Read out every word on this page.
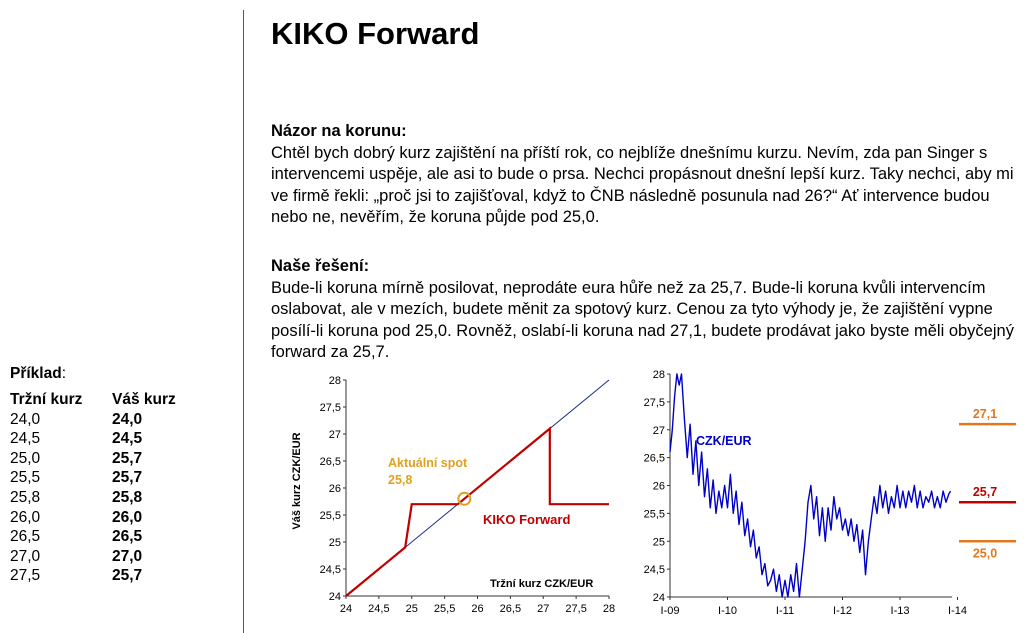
KIKO Forward
Názor na korunu:
Chtěl bych dobrý kurz zajištění na příští rok, co nejblíže dnešnímu kurzu. Nevím, zda pan Singer s intervencemi uspěje, ale asi to bude o prsa. Nechci propásnout dnešní lepší kurz. Taky nechci, aby mi ve firmě řekli: „proč jsi to zajišťoval, když to ČNB následně posunula nad 26?“ Ať intervence budou nebo ne, nevěřím, že koruna půjde pod 25,0.
Naše řešení:
Bude-li koruna mírně posilovat, neprodáte eura hůře než za 25,7. Bude-li koruna kvůli intervencím oslabovat, ale v mezích, budete měnit za spotový kurz. Cenou za tyto výhody je, že zajištění vypne posílí-li koruna pod 25,0. Rovněž, oslabí-li koruna nad 27,1, budete prodávat jako byste měli obyčejný forward za 25,7.
Příklad:
Tržní kurz	Váš kurz
24,0	24,0
24,5	24,5
25,0	25,7
25,5	25,7
25,8	25,8
26,0	26,0
26,5	26,5
27,0	27,0
27,5	25,7
24
24,5
25
25,5
26
26,5
27
27,5
28
24 24,5 25 25,5 26 26,5 27 27,5 28
Aktuální spot
25,8
KIKO Forward
Tržní kurz CZK/EUR
Váš kurz CZK/EUR
24
24,5
25
25,5
26
26,5
27
27,5
28
I-09	I-10	I-11	I-12	I-13	I-14
CZK/EUR
27,1
25,7
25,0
